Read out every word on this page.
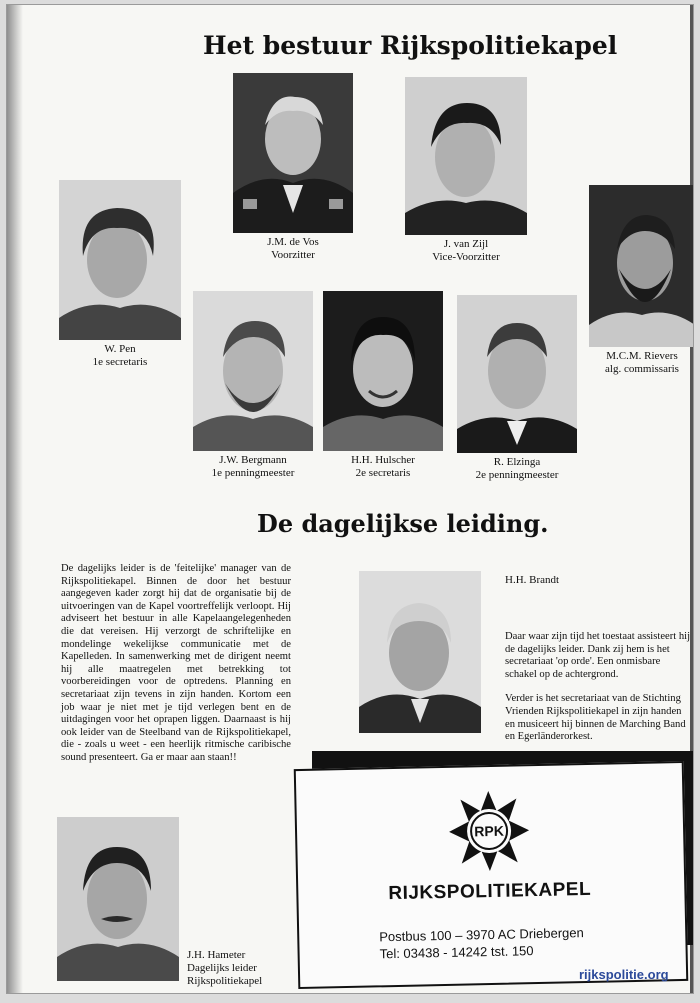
Het bestuur Rijkspolitiekapel
J.M. de Vos
Voorzitter
J. van Zijl
Vice-Voorzitter
W. Pen
1e secretaris	M.C.M. Rievers
alg. commissaris
J.W. Bergmann
1e penningmeester
H.H. Hulscher
2e secretaris
R. Elzinga
2e penningmeester
De dagelijkse leiding.

De dagelijks leider is de 'feitelijke' manager van de Rijkspolitiekapel. Binnen de door het bestuur aangegeven kader zorgt hij dat de organisatie bij de uitvoeringen van de Kapel voortreffelijk verloopt. Hij adviseert het bestuur in alle Kapelaangelegenheden die dat vereisen. Hij verzorgt de schriftelijke en mondelinge wekelijkse communicatie met de Kapelleden. In samenwerking met de dirigent neemt hij alle maatregelen met betrekking tot voorbereidingen voor de optredens. Planning en secretariaat zijn tevens in zijn handen. Kortom een job waar je niet met je tijd verlegen bent en de uitdagingen voor het oprapen liggen. Daarnaast is hij ook leider van de Steelband van de Rijkspolitiekapel, die - zoals u weet - een heerlijk ritmische caribische sound presenteert. Ga er maar aan staan!!

H.H. Brandt

Daar waar zijn tijd het toestaat assisteert hij de dagelijks leider. Dank zij hem is het secretariaat 'op orde'. Een onmisbare schakel op de achtergrond.

Verder is het secretariaat van de Stichting Vrienden Rijkspolitiekapel in zijn handen en musiceert hij binnen de Marching Band en Egerländerorkest.

J.H. Hameter
Dagelijks leider
Rijkspolitiekapel
RPK
RIJKSPOLITIEKAPEL
Postbus 100 – 3970 AC Driebergen
Tel: 03438 - 14242 tst. 150
rijkspolitie.org
